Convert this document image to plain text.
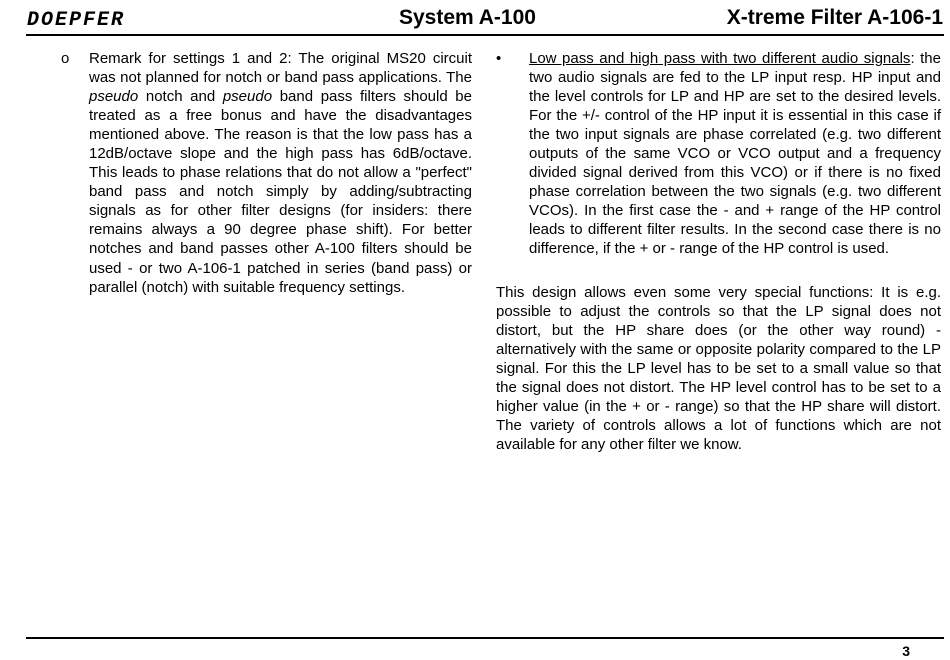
DOEPFER	System A-100	X-treme Filter A-106-1
o Remark for settings 1 and 2: The original MS20 circuit was not planned for notch or band pass applications. The pseudo notch and pseudo band pass filters should be treated as a free bonus and have the disadvantages mentioned above. The reason is that the low pass has a 12dB/octave slope and the high pass has 6dB/octave. This leads to phase relations that do not allow a "perfect" band pass and notch simply by adding/subtracting signals as for other filter designs (for insiders: there remains always a 90 degree phase shift). For better notches and band passes other A-100 filters should be used - or two A-106-1 patched in series (band pass) or parallel (notch) with suitable frequency settings.
• Low pass and high pass with two different audio signals: the two audio signals are fed to the LP input resp. HP input and the level controls for LP and HP are set to the desired levels. For the +/- control of the HP input it is essential in this case if the two input signals are phase correlated (e.g. two different outputs of the same VCO or VCO output and a frequency divided signal derived from this VCO) or if there is no fixed phase correlation between the two signals (e.g. two different VCOs). In the first case the - and + range of the HP control leads to different filter results. In the second case there is no difference, if the + or - range of the HP control is used.
This design allows even some very special functions: It is e.g. possible to adjust the controls so that the LP signal does not distort, but the HP share does (or the other way round) - alternatively with the same or opposite polarity compared to the LP signal. For this the LP level has to be set to a small value so that the signal does not distort. The HP level control has to be set to a higher value (in the + or - range) so that the HP share will distort. The variety of controls allows a lot of functions which are not available for any other filter we know.
3
